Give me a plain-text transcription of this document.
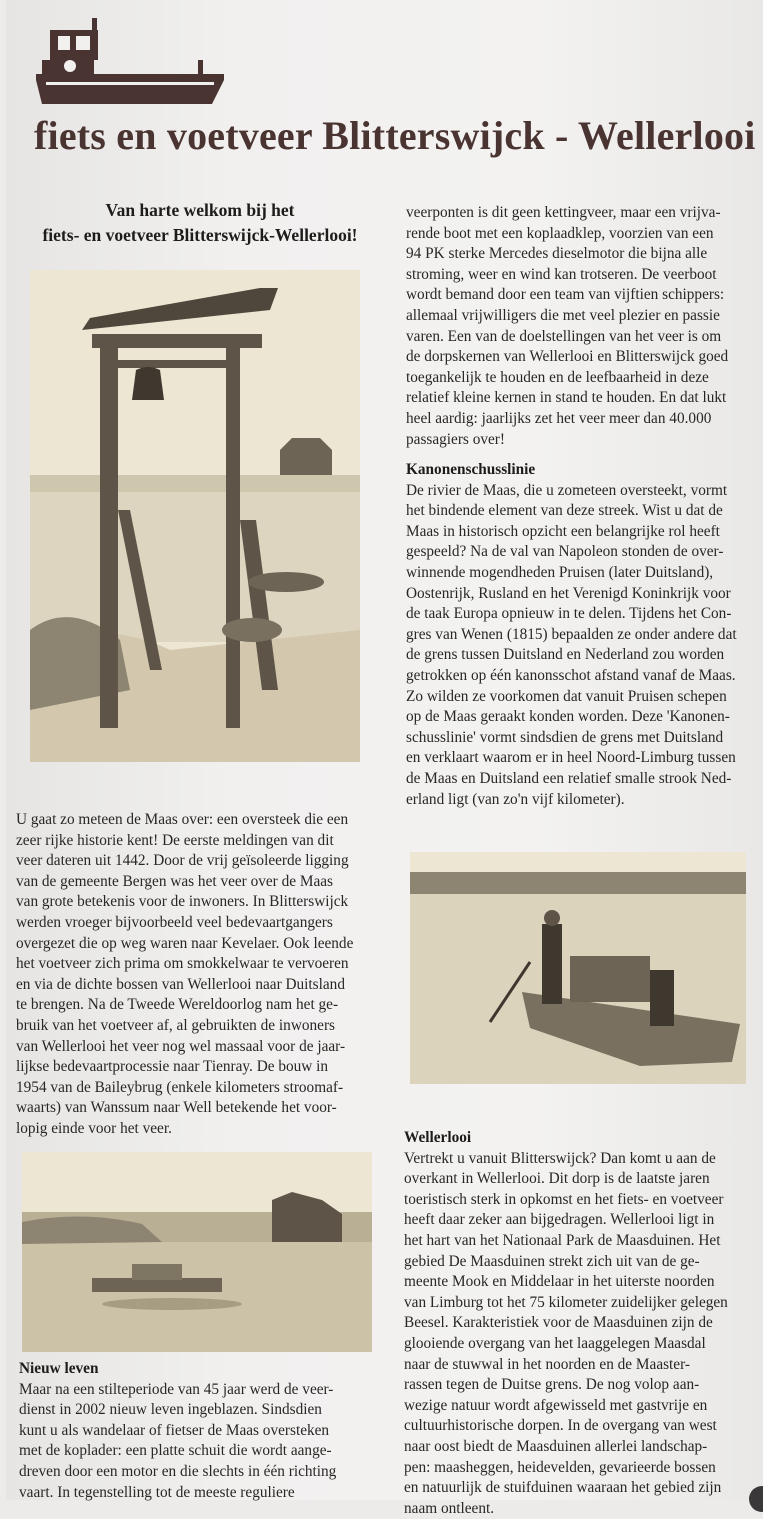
fiets en voetveer Blitterswijck - Wellerlooi
Van harte welkom bij het
fiets- en voetveer Blitterswijck-Wellerlooi!
U gaat zo meteen de Maas over: een oversteek die een
zeer rijke historie kent! De eerste meldingen van dit
veer dateren uit 1442. Door de vrij geïsoleerde ligging
van de gemeente Bergen was het veer over de Maas
van grote betekenis voor de inwoners. In Blitterswijck
werden vroeger bijvoorbeeld veel bedevaartgangers
overgezet die op weg waren naar Kevelaer. Ook leende
het voetveer zich prima om smokkelwaar te vervoeren
en via de dichte bossen van Wellerlooi naar Duitsland
te brengen. Na de Tweede Wereldoorlog nam het ge-
bruik van het voetveer af, al gebruikten de inwoners
van Wellerlooi het veer nog wel massaal voor de jaar-
lijkse bedevaartprocessie naar Tienray. De bouw in
1954 van de Baileybrug (enkele kilometers stroomaf-
waarts) van Wanssum naar Well betekende het voor-
lopig einde voor het veer.
Nieuw leven
Maar na een stilteperiode van 45 jaar werd de veer-
dienst in 2002 nieuw leven ingeblazen. Sindsdien
kunt u als wandelaar of fietser de Maas oversteken
met de koplader: een platte schuit die wordt aange-
dreven door een motor en die slechts in één richting
vaart. In tegenstelling tot de meeste reguliere
veerponten is dit geen kettingveer, maar een vrijva-
rende boot met een koplaadklep, voorzien van een
94 PK sterke Mercedes dieselmotor die bijna alle
stroming, weer en wind kan trotseren. De veerboot
wordt bemand door een team van vijftien schippers:
allemaal vrijwilligers die met veel plezier en passie
varen. Een van de doelstellingen van het veer is om
de dorpskernen van Wellerlooi en Blitterswijck goed
toegankelijk te houden en de leefbaarheid in deze
relatief kleine kernen in stand te houden. En dat lukt
heel aardig: jaarlijks zet het veer meer dan 40.000
passagiers over!
Kanonenschusslinie
De rivier de Maas, die u zometeen oversteekt, vormt
het bindende element van deze streek. Wist u dat de
Maas in historisch opzicht een belangrijke rol heeft
gespeeld? Na de val van Napoleon stonden de over-
winnende mogendheden Pruisen (later Duitsland),
Oostenrijk, Rusland en het Verenigd Koninkrijk voor
de taak Europa opnieuw in te delen. Tijdens het Con-
gres van Wenen (1815) bepaalden ze onder andere dat
de grens tussen Duitsland en Nederland zou worden
getrokken op één kanonsschot afstand vanaf de Maas.
Zo wilden ze voorkomen dat vanuit Pruisen schepen
op de Maas geraakt konden worden. Deze 'Kanonen-
schusslinie' vormt sindsdien de grens met Duitsland
en verklaart waarom er in heel Noord-Limburg tussen
de Maas en Duitsland een relatief smalle strook Ned-
erland ligt (van zo'n vijf kilometer).
Wellerlooi
Vertrekt u vanuit Blitterswijck? Dan komt u aan de
overkant in Wellerlooi. Dit dorp is de laatste jaren
toeristisch sterk in opkomst en het fiets- en voetveer
heeft daar zeker aan bijgedragen. Wellerlooi ligt in
het hart van het Nationaal Park de Maasduinen. Het
gebied De Maasduinen strekt zich uit van de ge-
meente Mook en Middelaar in het uiterste noorden
van Limburg tot het 75 kilometer zuidelijker gelegen
Beesel. Karakteristiek voor de Maasduinen zijn de
glooiende overgang van het laaggelegen Maasdal
naar de stuwwal in het noorden en de Maaster-
rassen tegen de Duitse grens. De nog volop aan-
wezige natuur wordt afgewisseld met gastvrije en
cultuurhistorische dorpen. In de overgang van west
naar oost biedt de Maasduinen allerlei landschap-
pen: maasheggen, heidevelden, gevarieerde bossen
en natuurlijk de stuifduinen waaraan het gebied zijn
naam ontleent.
